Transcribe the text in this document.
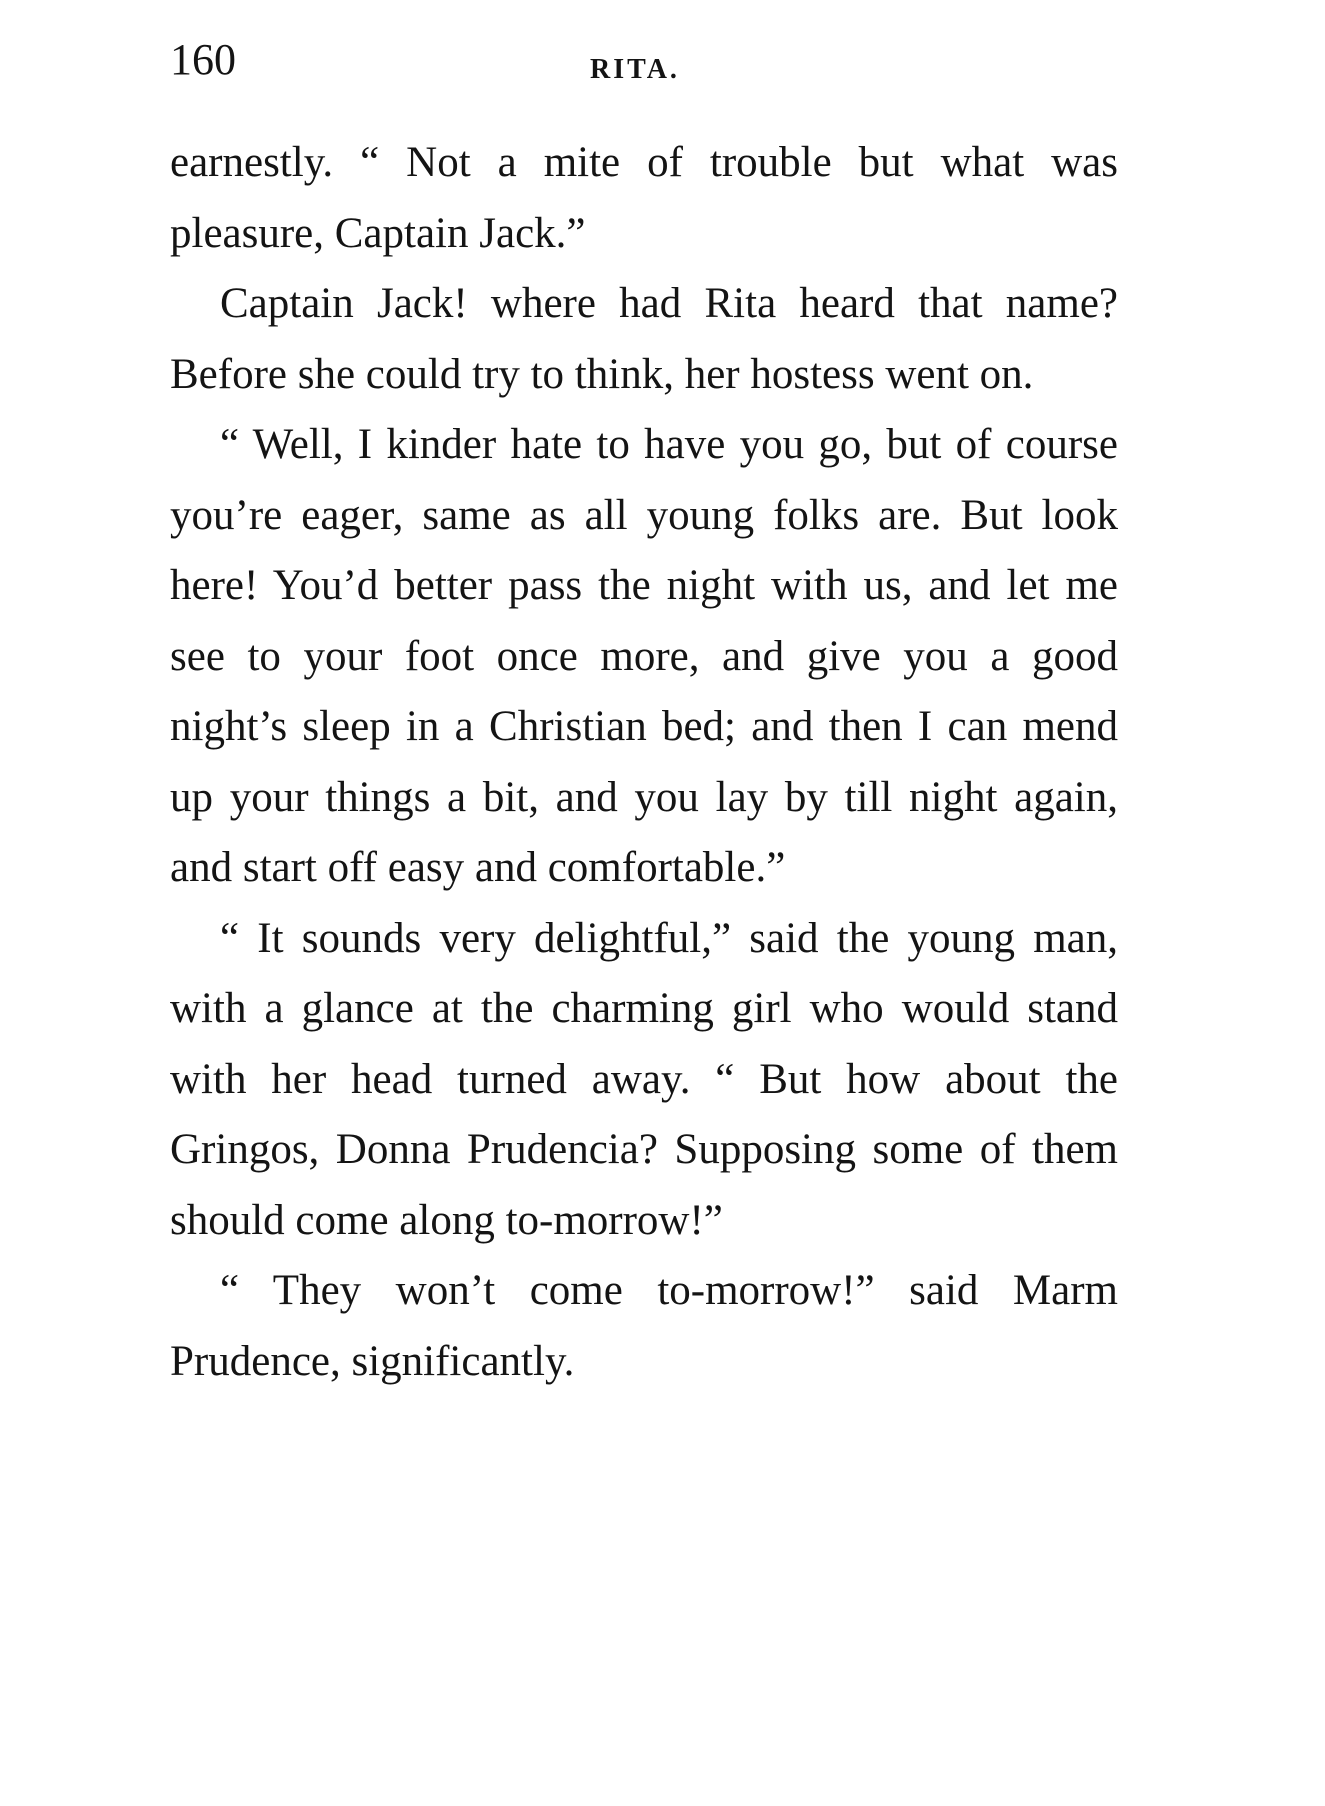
160	RITA.

earnestly. “ Not a mite of trouble but what was pleasure, Captain Jack.”

Captain Jack! where had Rita heard that name? Before she could try to think, her hostess went on.

“ Well, I kinder hate to have you go, but of course you’re eager, same as all young folks are. But look here! You’d better pass the night with us, and let me see to your foot once more, and give you a good night’s sleep in a Christian bed; and then I can mend up your things a bit, and you lay by till night again, and start off easy and comfortable.”

“ It sounds very delightful,” said the young man, with a glance at the charming girl who would stand with her head turned away. “ But how about the Gringos, Donna Prudencia? Supposing some of them should come along to-morrow!”

“ They won’t come to-morrow!” said Marm Prudence, significantly.
